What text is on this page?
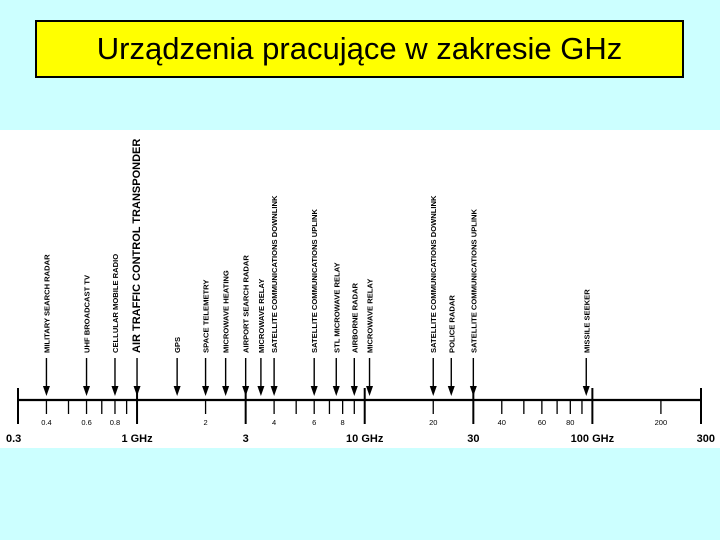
Urządzenia pracujące w zakresie GHz
MILITARY SEARCH RADAR	UHF BROADCAST TV	CELLULAR MOBILE RADIO AIR TRAFFIC CONTROL TRANSPONDER	GPS	SPACE TELEMETRY MICROWAVE HEATING AIRPORT SEARCH RADAR MICROWAVE RELAY SATELLITE COMMUNICATIONS DOWNLINK	SATELLITE COMMUNICATIONS UPLINK STL MICROWAVE RELAY AIRBORNE RADAR MICROWAVE RELAY	SATELLITE COMMUNICATIONS DOWNLINK POLICE RADAR SATELLITE COMMUNICATIONS UPLINK	MISSILE SEEKER
0.3	1 GHz	3	10 GHz	30	100 GHz	300
0.4	0.6 0.8	2	4	6	8	20	40	60	80	200
